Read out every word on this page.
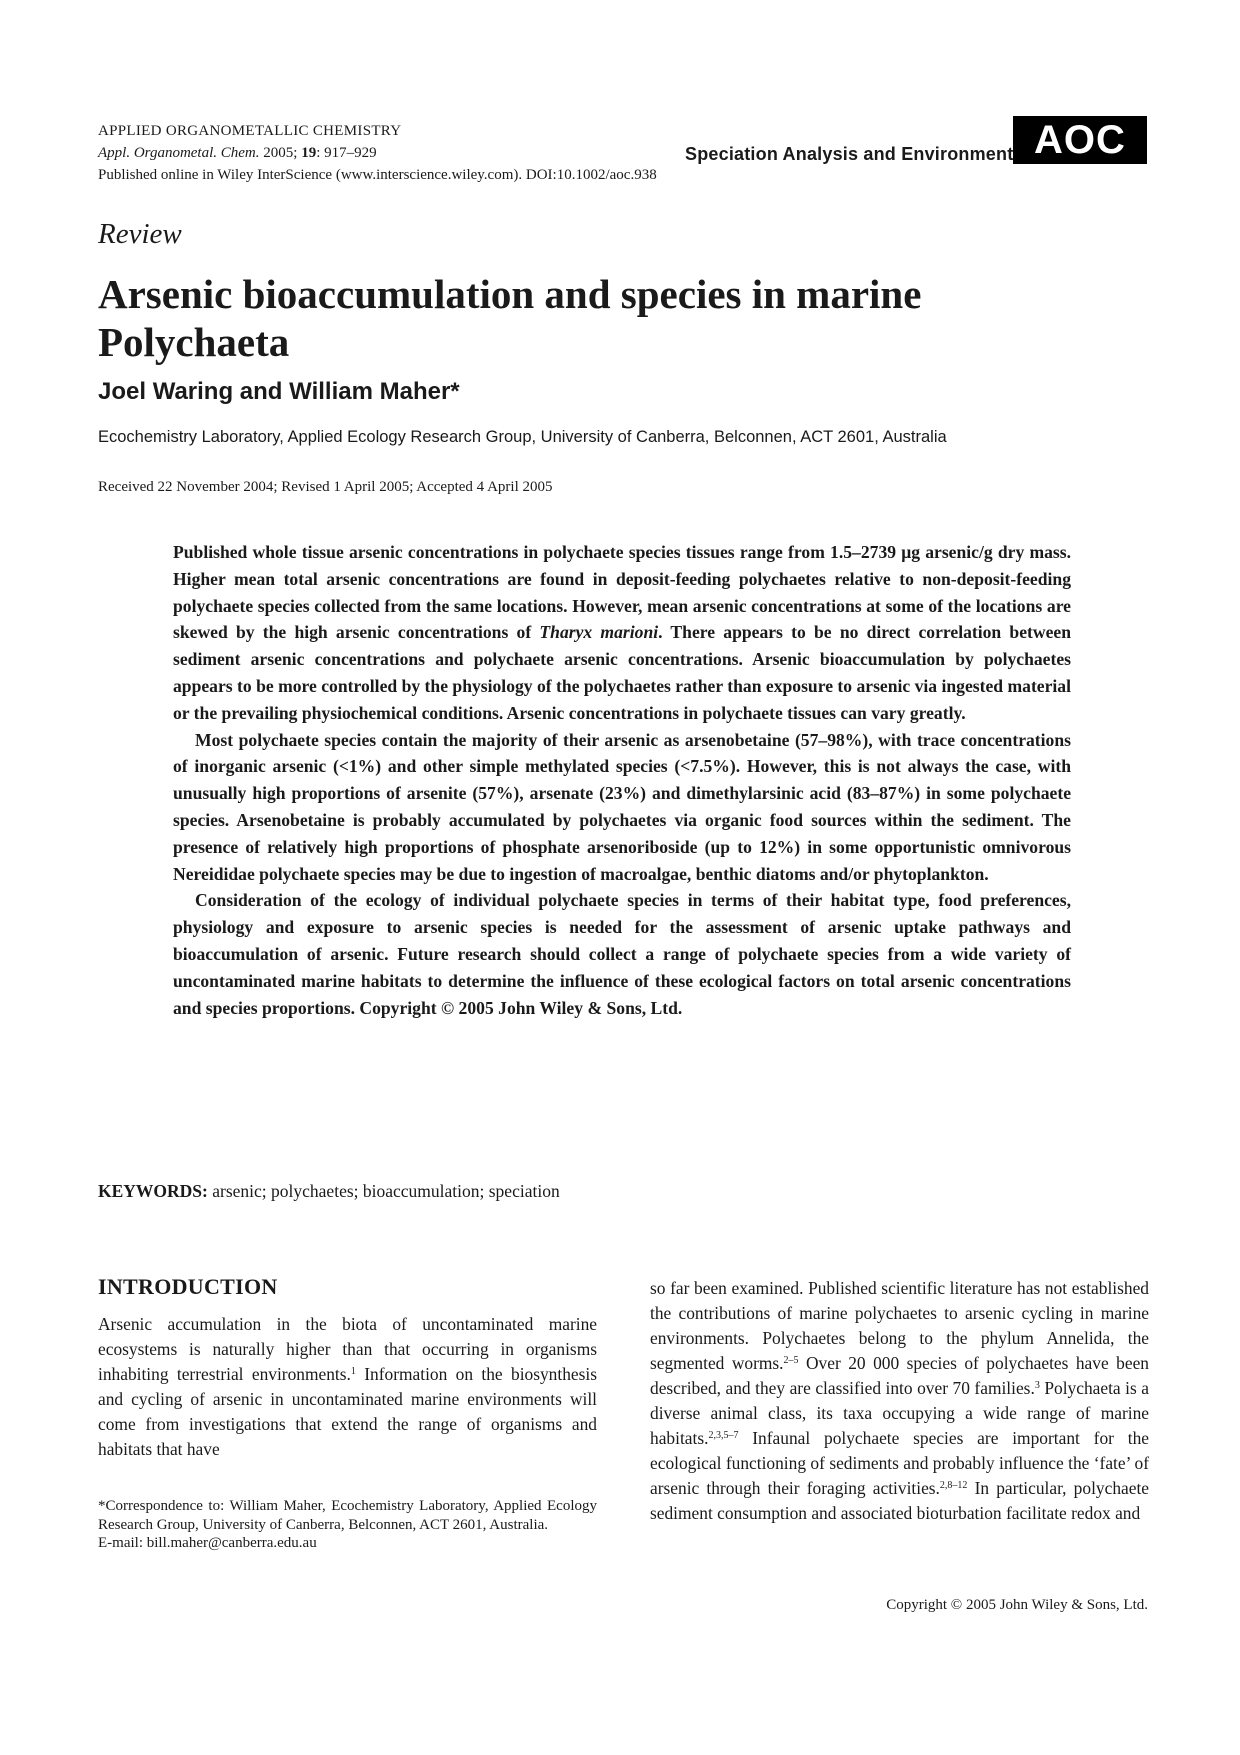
APPLIED ORGANOMETALLIC CHEMISTRY
Appl. Organometal. Chem. 2005; 19: 917–929
Published online in Wiley InterScience (www.interscience.wiley.com). DOI:10.1002/aoc.938
Speciation Analysis and Environment AOC
Review
Arsenic bioaccumulation and species in marine
Polychaeta
Joel Waring and William Maher*
Ecochemistry Laboratory, Applied Ecology Research Group, University of Canberra, Belconnen, ACT 2601, Australia
Received 22 November 2004; Revised 1 April 2005; Accepted 4 April 2005

Published whole tissue arsenic concentrations in polychaete species tissues range from 1.5–2739 μg arsenic/g dry mass. Higher mean total arsenic concentrations are found in deposit-feeding polychaetes relative to non-deposit-feeding polychaete species collected from the same locations. However, mean arsenic concentrations at some of the locations are skewed by the high arsenic concentrations of Tharyx marioni. There appears to be no direct correlation between sediment arsenic concentrations and polychaete arsenic concentrations. Arsenic bioaccumulation by polychaetes appears to be more controlled by the physiology of the polychaetes rather than exposure to arsenic via ingested material or the prevailing physiochemical conditions. Arsenic concentrations in polychaete tissues can vary greatly.

Most polychaete species contain the majority of their arsenic as arsenobetaine (57–98%), with trace concentrations of inorganic arsenic (<1%) and other simple methylated species (<7.5%). However, this is not always the case, with unusually high proportions of arsenite (57%), arsenate (23%) and dimethylarsinic acid (83–87%) in some polychaete species. Arsenobetaine is probably accumulated by polychaetes via organic food sources within the sediment. The presence of relatively high proportions of phosphate arsenoriboside (up to 12%) in some opportunistic omnivorous Nereididae polychaete species may be due to ingestion of macroalgae, benthic diatoms and/or phytoplankton.

Consideration of the ecology of individual polychaete species in terms of their habitat type, food preferences, physiology and exposure to arsenic species is needed for the assessment of arsenic uptake pathways and bioaccumulation of arsenic. Future research should collect a range of polychaete species from a wide variety of uncontaminated marine habitats to determine the influence of these ecological factors on total arsenic concentrations and species proportions. Copyright © 2005 John Wiley & Sons, Ltd.

KEYWORDS: arsenic; polychaetes; bioaccumulation; speciation
INTRODUCTION

Arsenic accumulation in the biota of uncontaminated marine ecosystems is naturally higher than that occurring in organisms inhabiting terrestrial environments.$^1$ Information on the biosynthesis and cycling of arsenic in uncontaminated marine environments will come from investigations that extend the range of organisms and habitats that have

so far been examined. Published scientific literature has not established the contributions of marine polychaetes to arsenic cycling in marine environments. Polychaetes belong to the phylum Annelida, the segmented worms.$^{2-5}$ Over 20 000 species of polychaetes have been described, and they are classified into over 70 families.$^3$ Polychaeta is a diverse animal class, its taxa occupying a wide range of marine habitats.$^{2,3,5-7}$ Infaunal polychaete species are important for the ecological functioning of sediments and probably influence the ‘fate’ of arsenic through their foraging activities.$^{2,8-12}$ In particular, polychaete sediment consumption and associated bioturbation facilitate redox and

*Correspondence to: William Maher, Ecochemistry Laboratory, Applied Ecology Research Group, University of Canberra, Belconnen, ACT 2601, Australia.

E-mail: bill.maher@canberra.edu.au

Copyright © 2005 John Wiley & Sons, Ltd.
